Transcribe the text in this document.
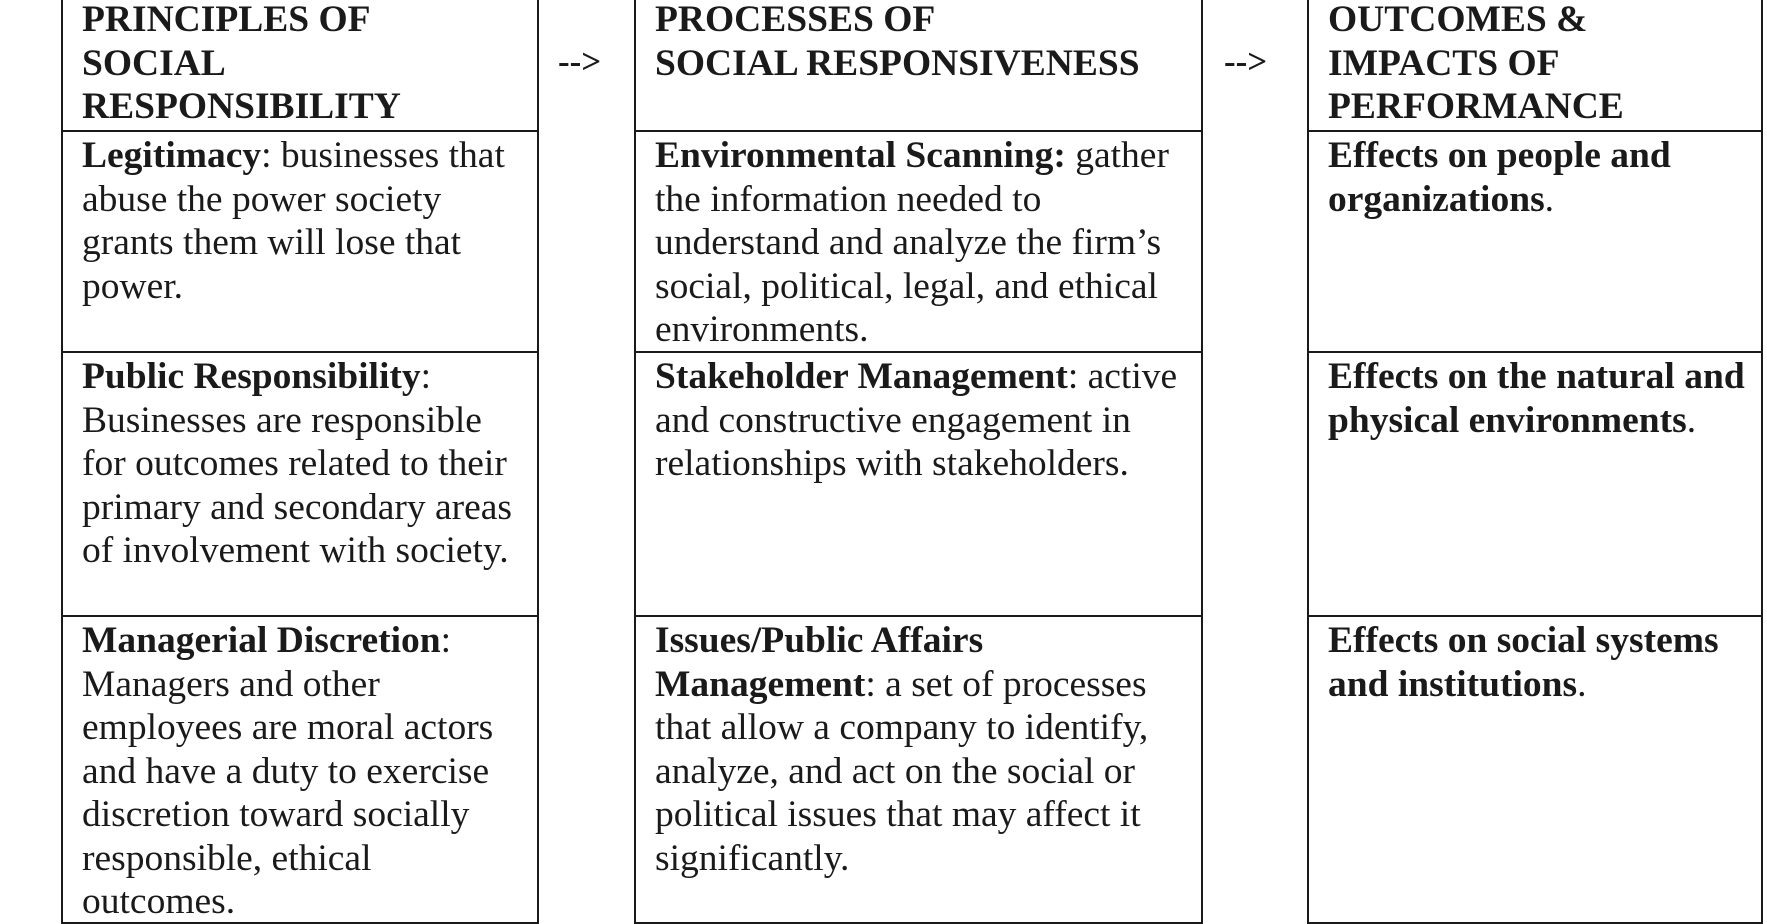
PRINCIPLES OF
SOCIAL
RESPONSIBILITY
Legitimacy: businesses that abuse the power society grants them will lose that power.
Public Responsibility: Businesses are responsible for outcomes related to their primary and secondary areas of involvement with society.
Managerial Discretion: Managers and other employees are moral actors and have a duty to exercise discretion toward socially responsible, ethical outcomes.
-->
PROCESSES OF
SOCIAL RESPONSIVENESS
Environmental Scanning: gather the information needed to understand and analyze the firm’s social, political, legal, and ethical environments.
Stakeholder Management: active and constructive engagement in relationships with stakeholders.
Issues/Public Affairs Management: a set of processes that allow a company to identify, analyze, and act on the social or political issues that may affect it significantly.
-->
OUTCOMES &
IMPACTS OF
PERFORMANCE
Effects on people and organizations.
Effects on the natural and physical environments.
Effects on social systems and institutions.
